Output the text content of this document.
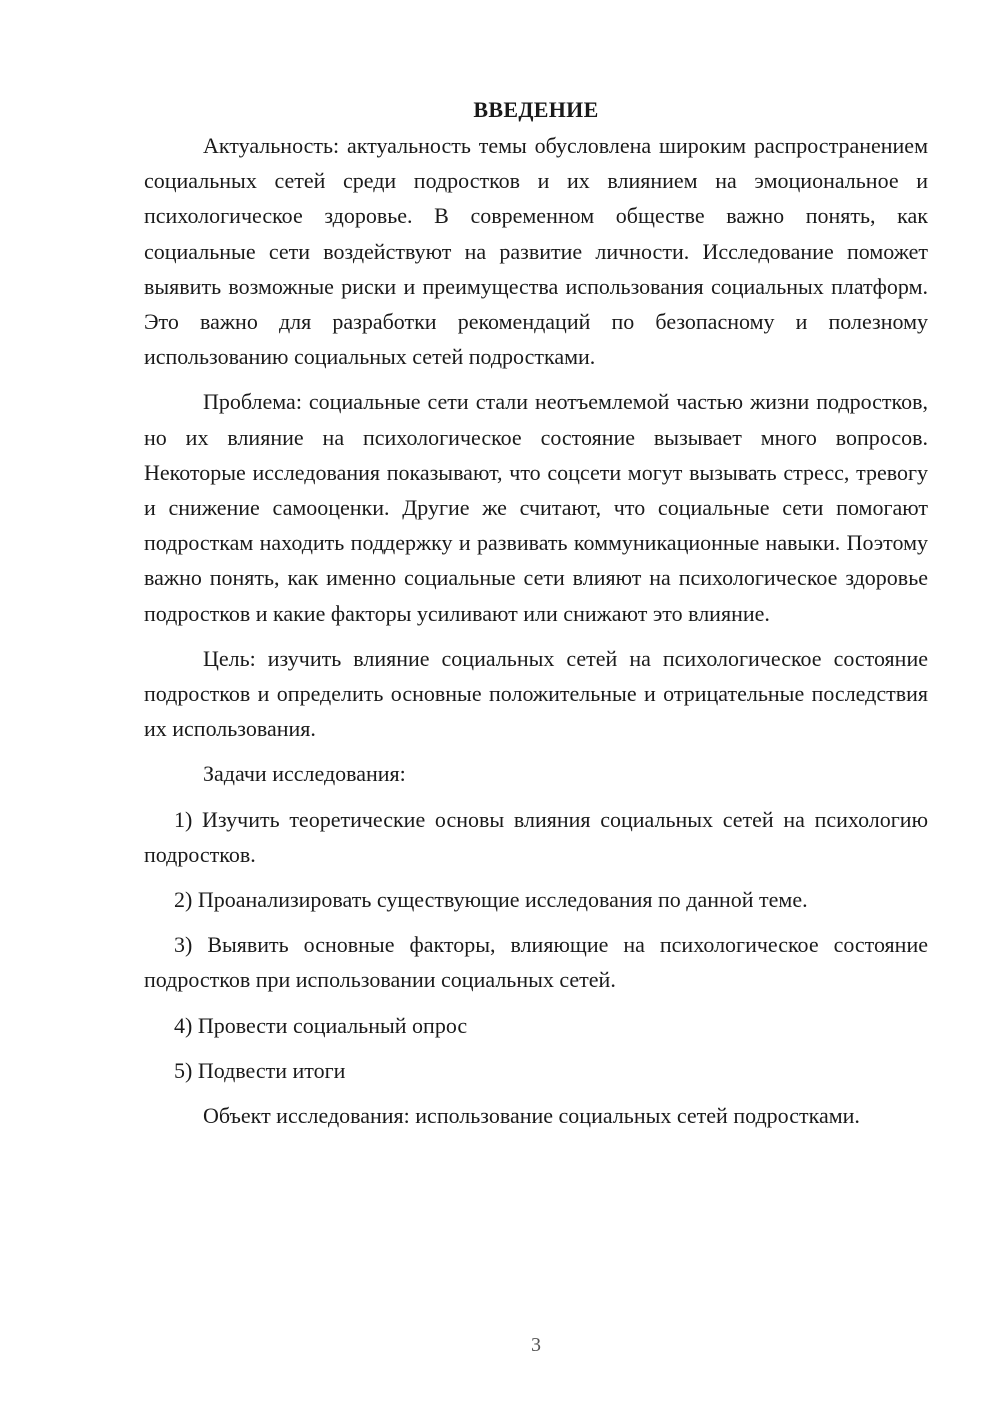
ВВЕДЕНИЕ

Актуальность: актуальность темы обусловлена широким распространением социальных сетей среди подростков и их влиянием на эмоциональное и психологическое здоровье. В современном обществе важно понять, как социальные сети воздействуют на развитие личности. Исследование поможет выявить возможные риски и преимущества использования социальных платформ. Это важно для разработки рекомендаций по безопасному и полезному использованию социальных сетей подростками.

Проблема: социальные сети стали неотъемлемой частью жизни подростков, но их влияние на психологическое состояние вызывает много вопросов. Некоторые исследования показывают, что соцсети могут вызывать стресс, тревогу и снижение самооценки. Другие же считают, что социальные сети помогают подросткам находить поддержку и развивать коммуникационные навыки. Поэтому важно понять, как именно социальные сети влияют на психологическое здоровье подростков и какие факторы усиливают или снижают это влияние.

Цель: изучить влияние социальных сетей на психологическое состояние подростков и определить основные положительные и отрицательные последствия их использования.

Задачи исследования:

1) Изучить теоретические основы влияния социальных сетей на психологию подростков.

2) Проанализировать существующие исследования по данной теме.

3) Выявить основные факторы, влияющие на психологическое состояние подростков при использовании социальных сетей.

4) Провести социальный опрос

5) Подвести итоги

Объект исследования: использование социальных сетей подростками.

3
